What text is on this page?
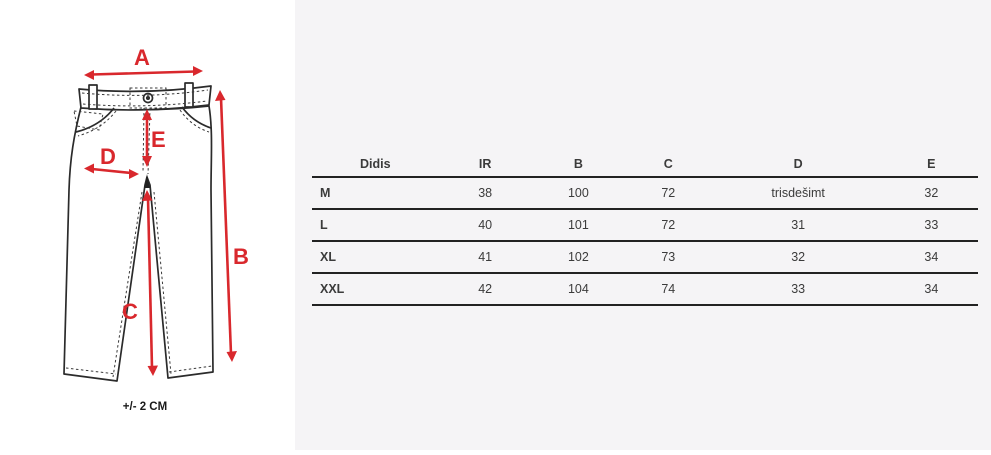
A
B
C
D
E
+/- 2 CM
Didis	IR	B	C	D	E
M	38	100	72	trisdešimt	32
L	40	101	72	31	33
XL	41	102	73	32	34
XXL	42	104	74	33	34
